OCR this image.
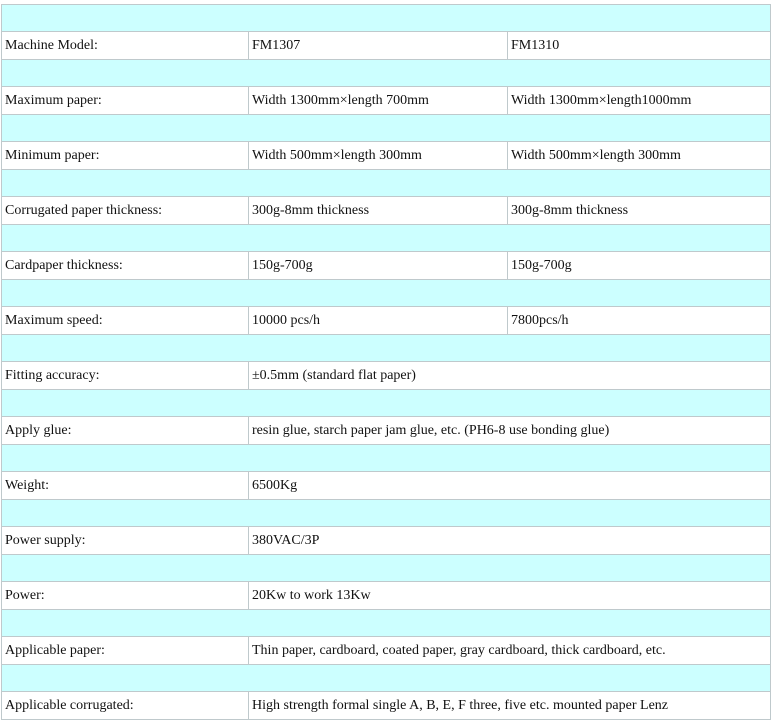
Machine Model:	FM1307	FM1310

Maximum paper:	Width 1300mm×length 700mm	Width 1300mm×length1000mm

Minimum paper:	Width 500mm×length 300mm	Width 500mm×length 300mm

Corrugated paper thickness:	300g-8mm thickness	300g-8mm thickness

Cardpaper thickness:	150g-700g	150g-700g

Maximum speed:	10000 pcs/h	7800pcs/h

Fitting accuracy:	±0.5mm (standard flat paper)	

Apply glue:	resin glue, starch paper jam glue, etc. (PH6-8 use bonding glue)	

Weight:	6500Kg	

Power supply:	380VAC/3P	

Power:	20Kw to work 13Kw	

Applicable paper:	Thin paper, cardboard, coated paper, gray cardboard, thick cardboard, etc.	

Applicable corrugated:	High strength formal single A, B, E, F three, five etc. mounted paper Lenz	
